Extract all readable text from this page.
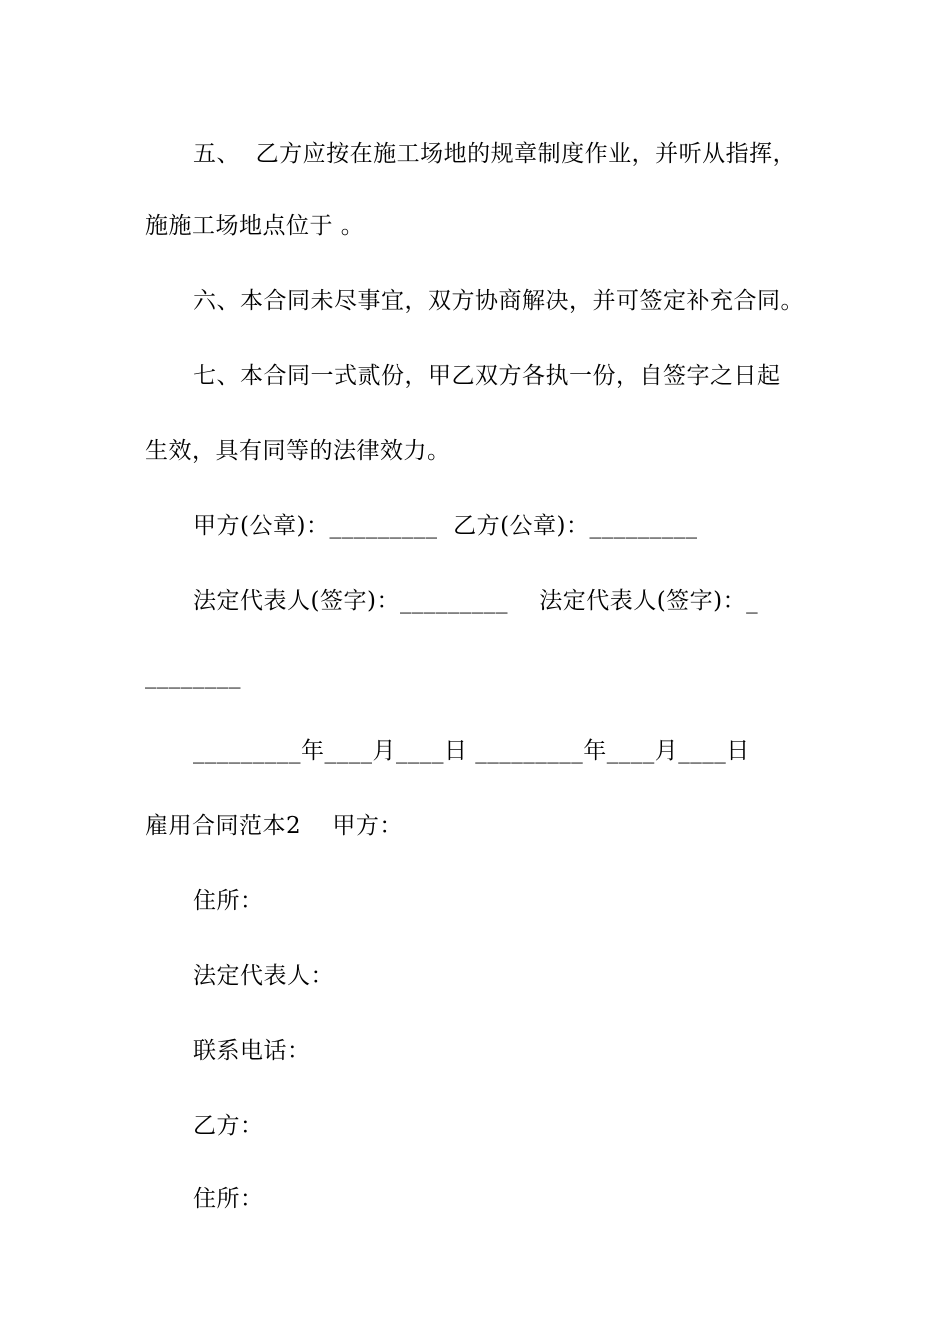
五、  乙方应按在施工场地的规章制度作业，并听从指挥，
施施工场地点位于 。
六、本合同未尽事宜，双方协商解决，并可签定补充合同。
七、本合同一式贰份，甲乙双方各执一份，自签字之日起
生效，具有同等的法律效力。
甲方(公章)：_________  乙方(公章)：_________
法定代表人(签字)：_________    法定代表人(签字)：_
________
_________年____月____日 _________年____月____日
雇用合同范本2    甲方：
住所：
法定代表人：
联系电话：
乙方：
住所：
